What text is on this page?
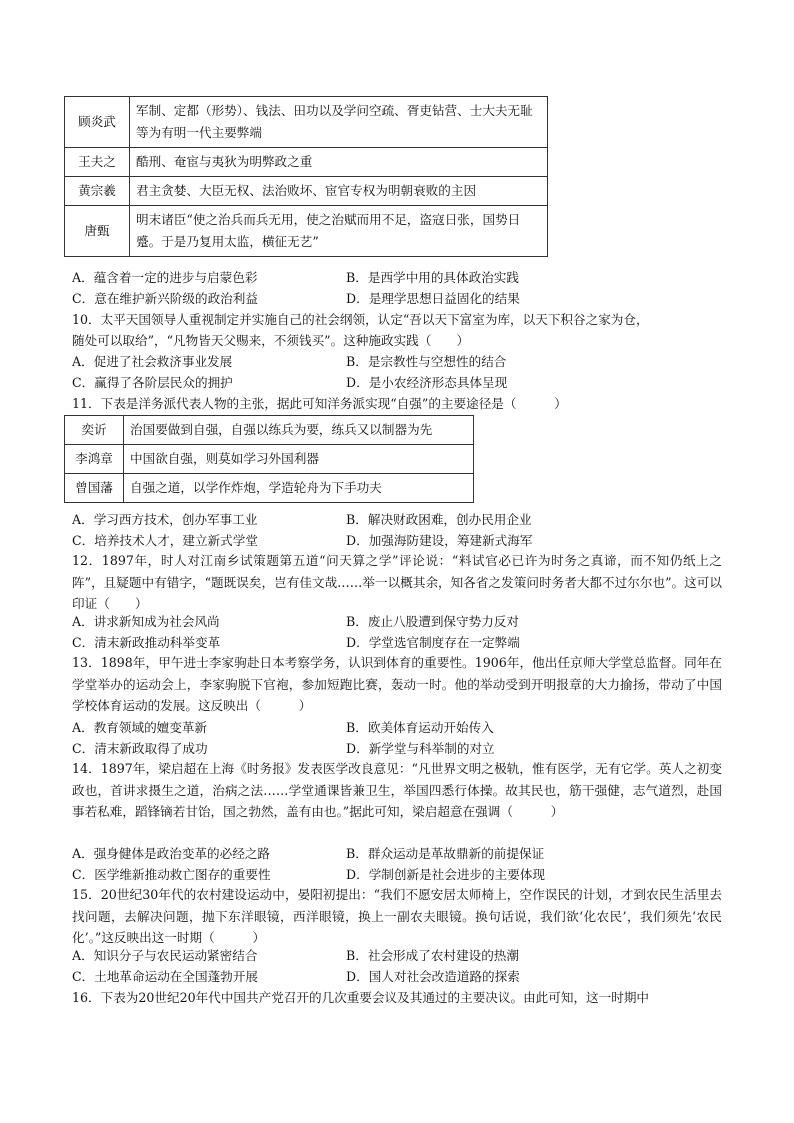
顾炎武	军制、定都（形势）、钱法、田功以及学问空疏、胥吏钻营、士大夫无耻等为有明一代主要弊端
王夫之	酷刑、奄宦与夷狄为明弊政之重
黄宗羲	君主贪婪、大臣无权、法治败坏、宦官专权为明朝衰败的主因
唐甄	明末诸臣“使之治兵而兵无用，使之治赋而用不足，盗寇日张，国势日蹙。于是乃复用太监，横征无艺”
A．蕴含着一定的进步与启蒙色彩	B．是西学中用的具体政治实践
C．意在维护新兴阶级的政治利益	D．是理学思想日益固化的结果
10．太平天国领导人重视制定并实施自己的社会纲领，认定“吾以天下富室为库，以天下积谷之家为仓，
随处可以取给”，“凡物皆天父赐来，不须钱买”。这种施政实践（　　）
A．促进了社会救济事业发展	B．是宗教性与空想性的结合
C．赢得了各阶层民众的拥护	D．是小农经济形态具体呈现
11．下表是洋务派代表人物的主张，据此可知洋务派实现“自强”的主要途径是（　　　）
奕䜣	治国要做到自强，自强以练兵为要，练兵又以制器为先
李鸿章	中国欲自强，则莫如学习外国利器
曾国藩	自强之道，以学作炸炮，学造轮舟为下手功夫
A．学习西方技术，创办军事工业	B．解决财政困难，创办民用企业
C．培养技术人才，建立新式学堂	D．加强海防建设，筹建新式海军
12．1897年，时人对江南乡试策题第五道“问天算之学”评论说：“料试官必已许为时务之真谛，而不知仍纸上之阵”，且疑题中有错字，“题既误矣，岂有佳文哉……举一以概其余，知各省之发策问时务者大都不过尔尔也”。这可以印证（　　）
A．讲求新知成为社会风尚	B．废止八股遭到保守势力反对
C．清末新政推动科举变革	D．学堂选官制度存在一定弊端
13．1898年，甲午进士李家驹赴日本考察学务，认识到体育的重要性。1906年，他出任京师大学堂总监督。同年在学堂举办的运动会上，李家驹脱下官袍，参加短跑比赛，轰动一时。他的举动受到开明报章的大力揄扬，带动了中国学校体育运动的发展。这反映出（　　　）
A．教育领域的嬗变革新	B．欧美体育运动开始传入
C．清末新政取得了成功	D．新学堂与科举制的对立
14．1897年，梁启超在上海《时务报》发表医学改良意见：“凡世界文明之极轨，惟有医学，无有它学。英人之初变政也，首讲求摄生之道，治病之法……学堂通课皆兼卫生，举国四悉行体操。故其民也，筋干强健，志气道烈，赴国事若私难，蹈锋镝若甘饴，国之勃然，盖有由也。”据此可知，梁启超意在强调（　　　）
A．强身健体是政治变革的必经之路	B．群众运动是革故鼎新的前提保证
C．医学维新推动救亡图存的重要性	D．学制创新是社会进步的主要体现
15．20世纪30年代的农村建设运动中，晏阳初提出：“我们不愿安居太师椅上，空作误民的计划，才到农民生活里去找问题，去解决问题，抛下东洋眼镜，西洋眼镜，换上一副农夫眼镜。换句话说，我们欲‘化农民’，我们须先‘农民化’。”这反映出这一时期（　　　）
A．知识分子与农民运动紧密结合	B．社会形成了农村建设的热潮
C．土地革命运动在全国蓬勃开展	D．国人对社会改造道路的探索
16．下表为20世纪20年代中国共产党召开的几次重要会议及其通过的主要决议。由此可知，这一时期中
